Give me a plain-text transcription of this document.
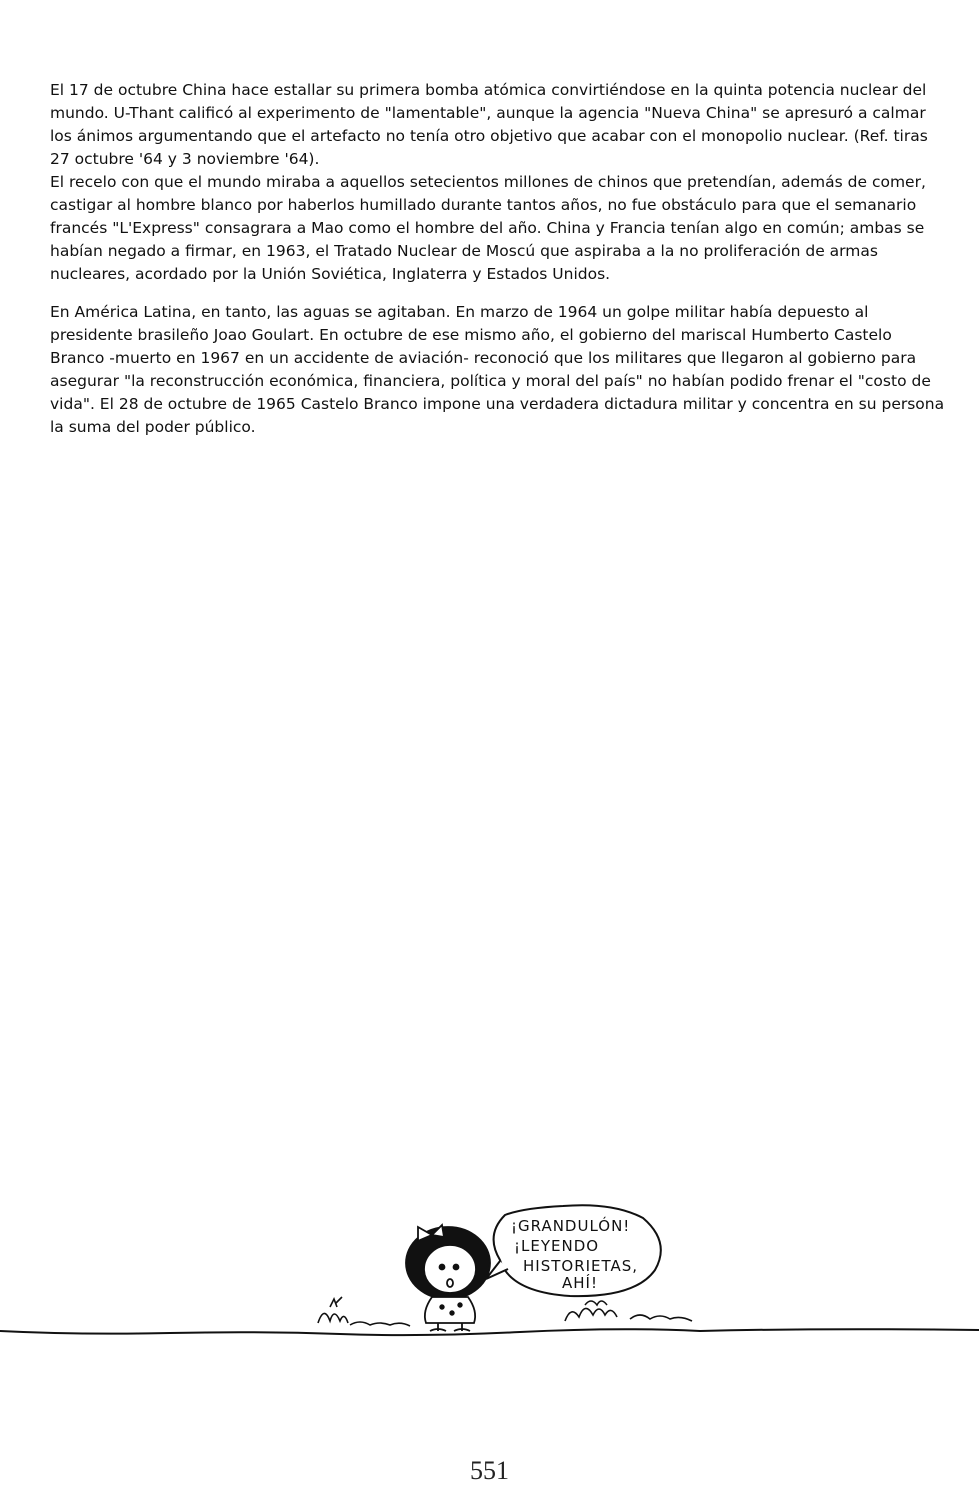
El 17 de octubre China hace estallar su primera bomba atómica convirtiéndose en la quinta potencia nuclear del mundo. U-Thant calificó al experimento de "lamentable", aunque la agencia "Nueva China" se apresuró a calmar los ánimos argumentando que el artefacto no tenía otro objetivo que acabar con el monopolio nuclear. (Ref. tiras 27 octubre '64 y 3 noviembre '64).

El recelo con que el mundo miraba a aquellos setecientos millones de chinos que pretendían, además de comer, castigar al hombre blanco por haberlos humillado durante tantos años, no fue obstáculo para que el semanario francés "L'Express" consagrara a Mao como el hombre del año. China y Francia tenían algo en común; ambas se habían negado a firmar, en 1963, el Tratado Nuclear de Moscú que aspiraba a la no proliferación de armas nucleares, acordado por la Unión Soviética, Inglaterra y Estados Unidos.

En América Latina, en tanto, las aguas se agitaban. En marzo de 1964 un golpe militar había depuesto al presidente brasileño Joao Goulart. En octubre de ese mismo año, el gobierno del mariscal Humberto Castelo Branco -muerto en 1967 en un accidente de aviación- reconoció que los militares que llegaron al gobierno para asegurar "la reconstrucción económica, financiera, política y moral del país" no habían podido frenar el "costo de vida". El 28 de octubre de 1965 Castelo Branco impone una verdadera dictadura militar y concentra en su persona la suma del poder público.

¡GRANDULÓN!
¡LEYENDO
HISTORIETAS,
AHÍ!
551
